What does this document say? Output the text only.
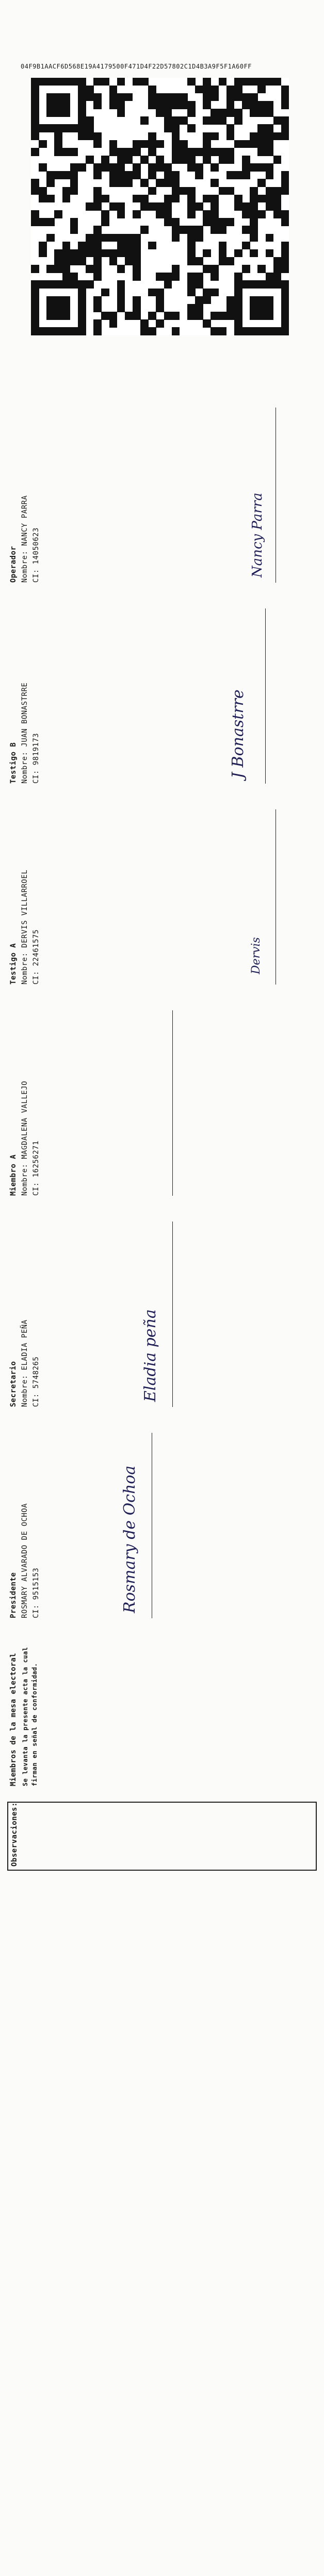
Observaciones:
Miembros de la mesa electoral Se levanta la presente acta la cual firman en señal de conformidad.
Presidente ROSMARY ALVARADO DE OCHOA CI: 9515153	Rosmary de Ochoa
Secretario Nombre: ELADIA PEÑA CI: 5748265	Eladia peña
Miembro A Nombre: MAGDALENA VALLEJO CI: 16256271
Testigo A Nombre: DERVIS VILLARROEL CI: 22461575	Dervis
Testigo B Nombre: JUAN BONASTRRE CI: 9819173	J Bonastrre
Operador Nombre: NANCY PARRA CI: 14050623	Nancy Parra
04F9B1AACF6D568E19A4179500F471D4F22D57802C1D4B3A9F5F1A60FF
